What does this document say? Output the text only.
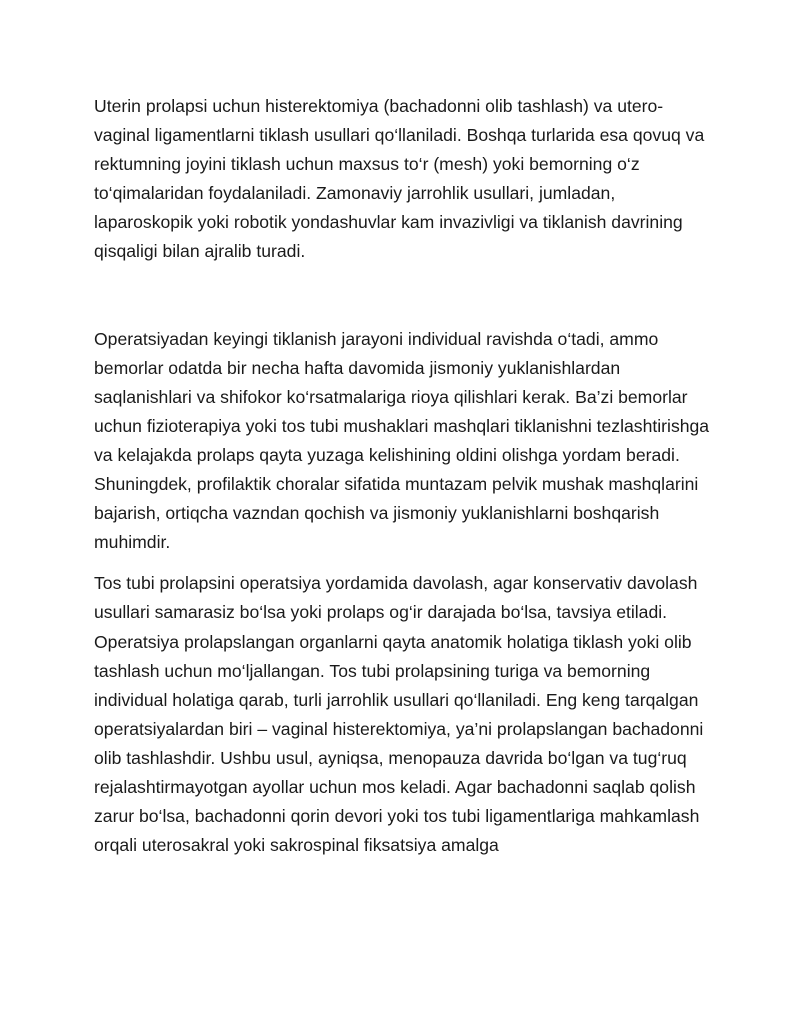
Uterin prolapsi uchun histerektomiya (bachadonni olib tashlash) va utero-vaginal ligamentlarni tiklash usullari qo‘llaniladi. Boshqa turlarida esa qovuq va rektumning joyini tiklash uchun maxsus to‘r (mesh) yoki bemorning o‘z to‘qimalaridan foydalaniladi. Zamonaviy jarrohlik usullari, jumladan, laparoskopik yoki robotik yondashuvlar kam invazivligi va tiklanish davrining qisqaligi bilan ajralib turadi.

Operatsiyadan keyingi tiklanish jarayoni individual ravishda o‘tadi, ammo bemorlar odatda bir necha hafta davomida jismoniy yuklanishlardan saqlanishlari va shifokor ko‘rsatmalariga rioya qilishlari kerak. Ba’zi bemorlar uchun fizioterapiya yoki tos tubi mushaklari mashqlari tiklanishni tezlashtirishga va kelajakda prolaps qayta yuzaga kelishining oldini olishga yordam beradi. Shuningdek, profilaktik choralar sifatida muntazam pelvik mushak mashqlarini bajarish, ortiqcha vazndan qochish va jismoniy yuklanishlarni boshqarish muhimdir.

Tos tubi prolapsini operatsiya yordamida davolash, agar konservativ davolash usullari samarasiz bo‘lsa yoki prolaps og‘ir darajada bo‘lsa, tavsiya etiladi. Operatsiya prolapslangan organlarni qayta anatomik holatiga tiklash yoki olib tashlash uchun mo‘ljallangan. Tos tubi prolapsining turiga va bemorning individual holatiga qarab, turli jarrohlik usullari qo‘llaniladi. Eng keng tarqalgan operatsiyalardan biri – vaginal histerektomiya, ya’ni prolapslangan bachadonni olib tashlashdir. Ushbu usul, ayniqsa, menopauza davrida bo‘lgan va tug‘ruq rejalashtirmayotgan ayollar uchun mos keladi. Agar bachadonni saqlab qolish zarur bo‘lsa, bachadonni qorin devori yoki tos tubi ligamentlariga mahkamlash orqali uterosakral yoki sakrospinal fiksatsiya amalga
